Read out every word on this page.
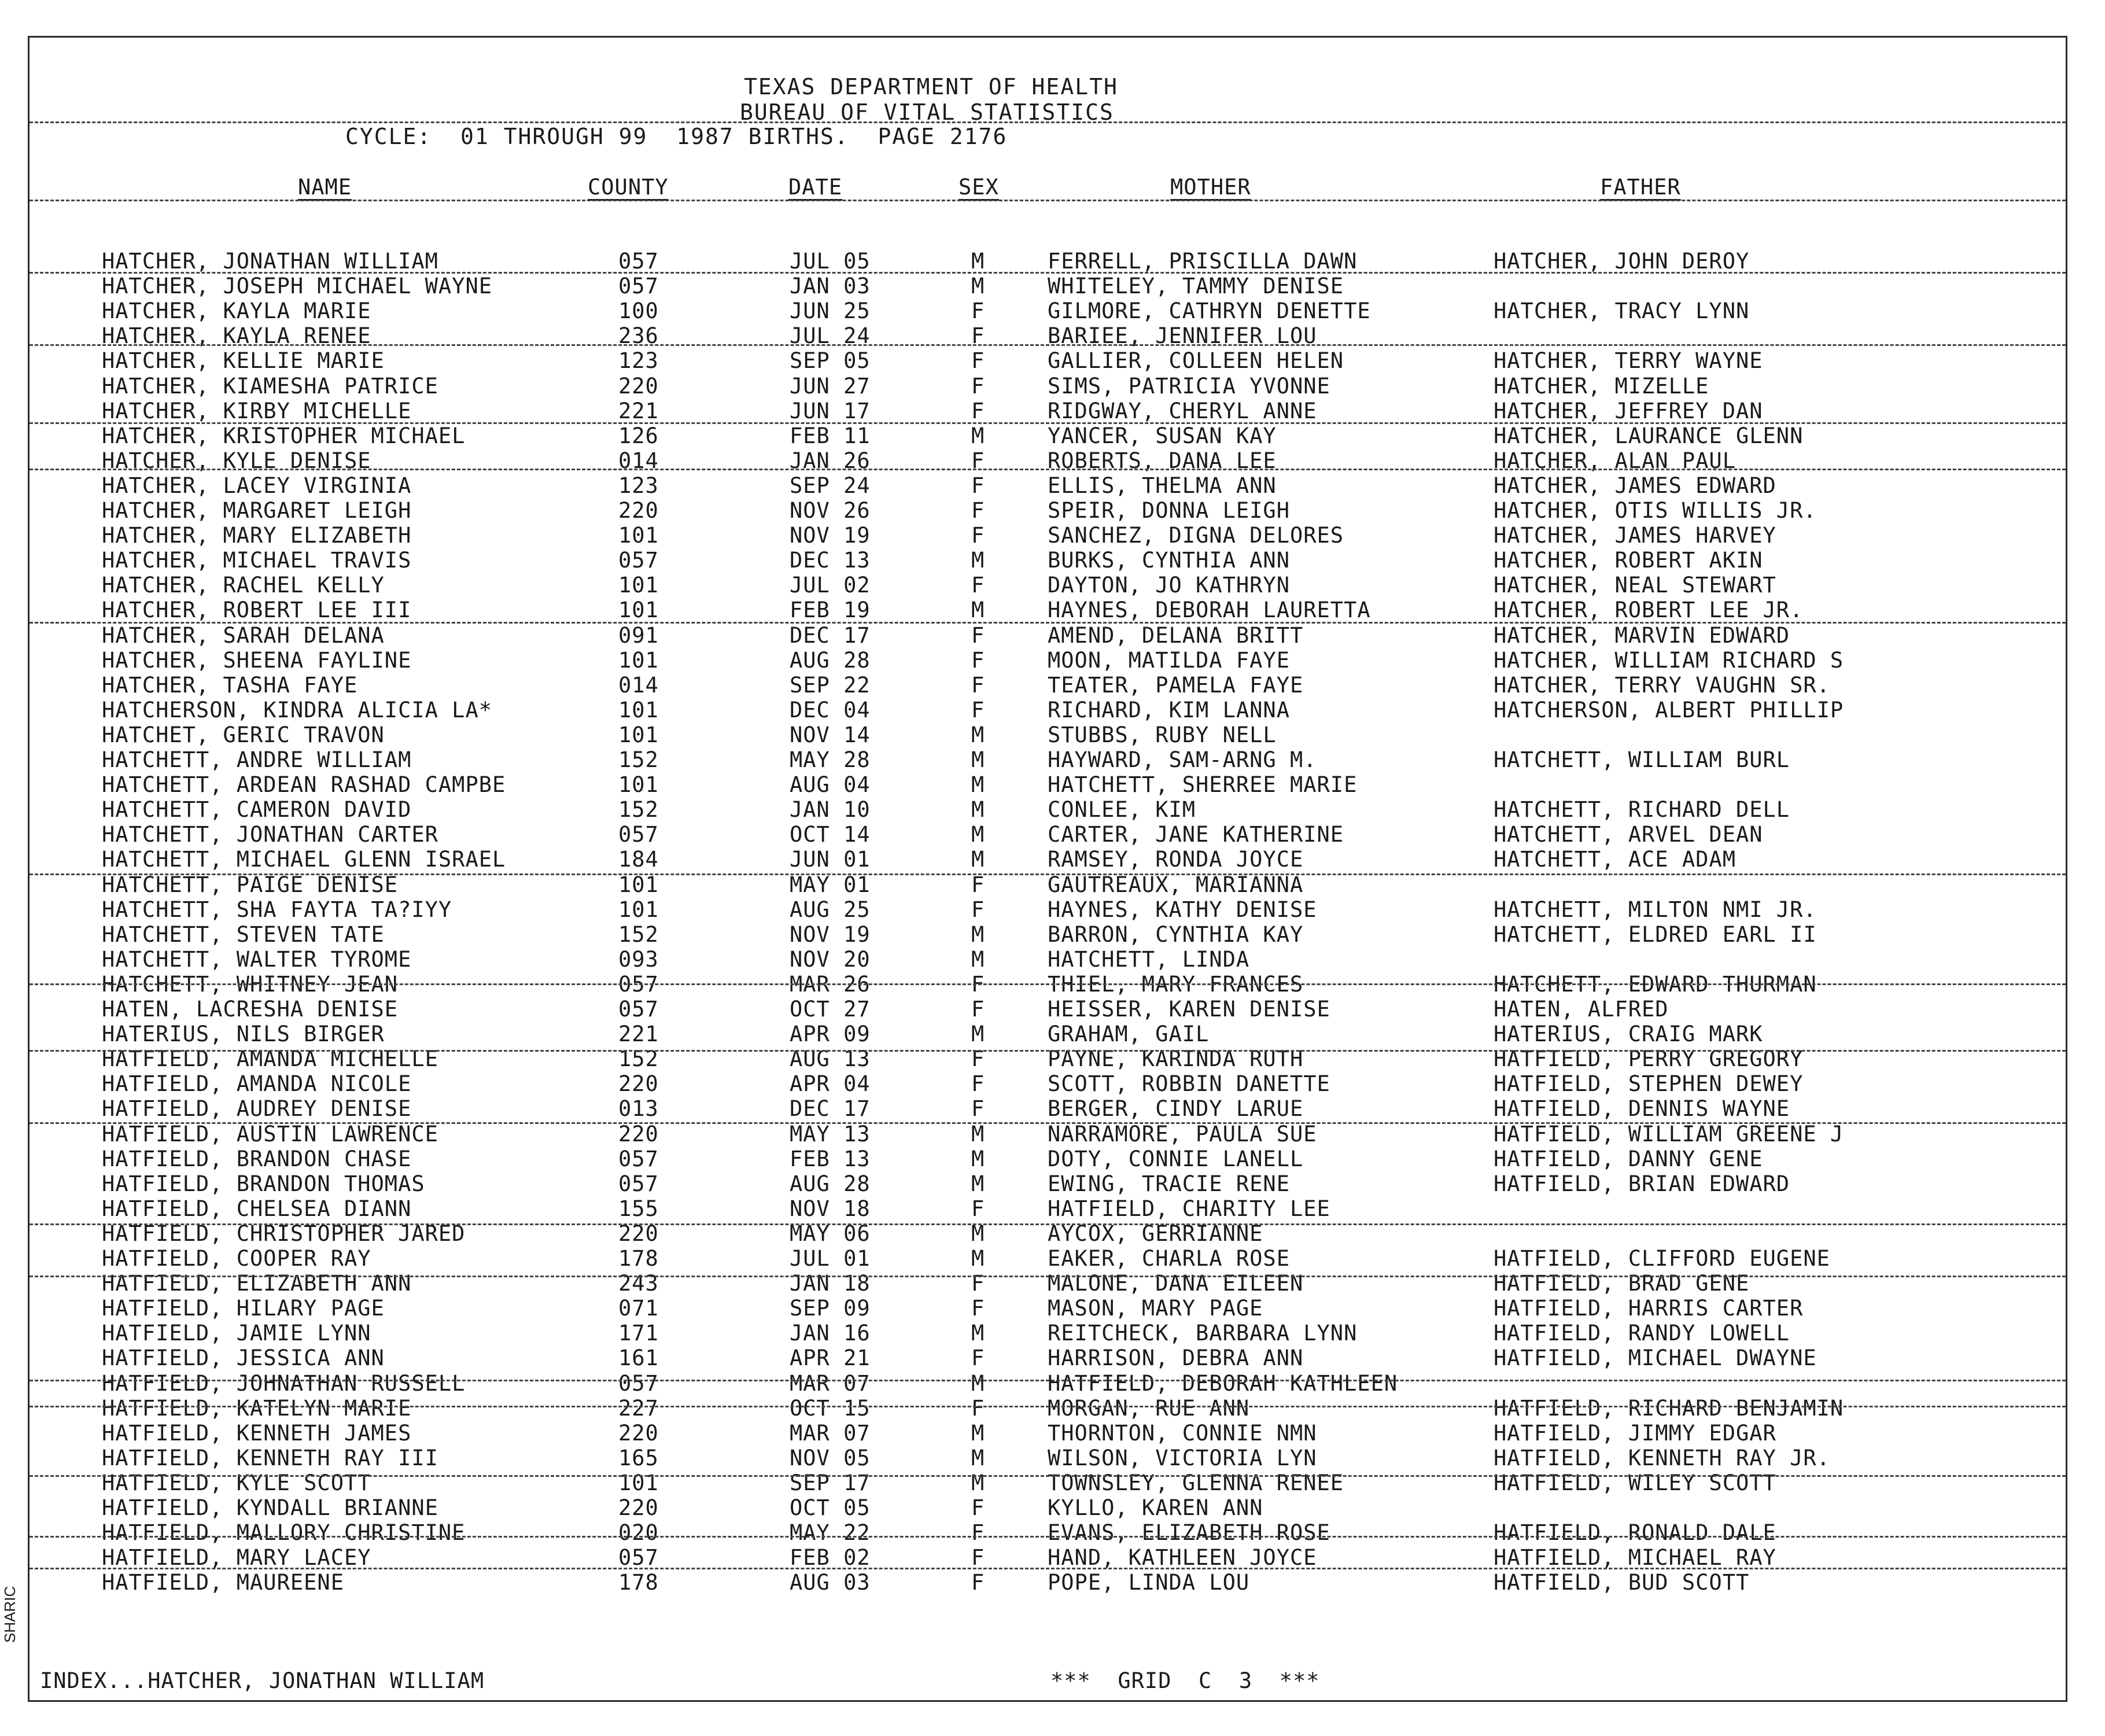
TEXAS DEPARTMENT OF HEALTH
BUREAU OF VITAL STATISTICS
CYCLE:  01 THROUGH 99  1987 BIRTHS.  PAGE 2176
NAME	COUNTY	DATE	SEX	MOTHER	FATHER
HATCHER, JONATHAN WILLIAM	057	JUL 05	M	FERRELL, PRISCILLA DAWN	HATCHER, JOHN DEROY
HATCHER, JOSEPH MICHAEL WAYNE	057	JAN 03	M	WHITELEY, TAMMY DENISE
HATCHER, KAYLA MARIE	100	JUN 25	F	GILMORE, CATHRYN DENETTE	HATCHER, TRACY LYNN
HATCHER, KAYLA RENEE	236	JUL 24	F	BARIEE, JENNIFER LOU
HATCHER, KELLIE MARIE	123	SEP 05	F	GALLIER, COLLEEN HELEN	HATCHER, TERRY WAYNE
HATCHER, KIAMESHA PATRICE	220	JUN 27	F	SIMS, PATRICIA YVONNE	HATCHER, MIZELLE
HATCHER, KIRBY MICHELLE	221	JUN 17	F	RIDGWAY, CHERYL ANNE	HATCHER, JEFFREY DAN
HATCHER, KRISTOPHER MICHAEL	126	FEB 11	M	YANCER, SUSAN KAY	HATCHER, LAURANCE GLENN
HATCHER, KYLE DENISE	014	JAN 26	F	ROBERTS, DANA LEE	HATCHER, ALAN PAUL
HATCHER, LACEY VIRGINIA	123	SEP 24	F	ELLIS, THELMA ANN	HATCHER, JAMES EDWARD
HATCHER, MARGARET LEIGH	220	NOV 26	F	SPEIR, DONNA LEIGH	HATCHER, OTIS WILLIS JR.
HATCHER, MARY ELIZABETH	101	NOV 19	F	SANCHEZ, DIGNA DELORES	HATCHER, JAMES HARVEY
HATCHER, MICHAEL TRAVIS	057	DEC 13	M	BURKS, CYNTHIA ANN	HATCHER, ROBERT AKIN
HATCHER, RACHEL KELLY	101	JUL 02	F	DAYTON, JO KATHRYN	HATCHER, NEAL STEWART
HATCHER, ROBERT LEE III	101	FEB 19	M	HAYNES, DEBORAH LAURETTA	HATCHER, ROBERT LEE JR.
HATCHER, SARAH DELANA	091	DEC 17	F	AMEND, DELANA BRITT	HATCHER, MARVIN EDWARD
HATCHER, SHEENA FAYLINE	101	AUG 28	F	MOON, MATILDA FAYE	HATCHER, WILLIAM RICHARD S
HATCHER, TASHA FAYE	014	SEP 22	F	TEATER, PAMELA FAYE	HATCHER, TERRY VAUGHN SR.
HATCHERSON, KINDRA ALICIA LA*	101	DEC 04	F	RICHARD, KIM LANNA	HATCHERSON, ALBERT PHILLIP
HATCHET, GERIC TRAVON	101	NOV 14	M	STUBBS, RUBY NELL
HATCHETT, ANDRE WILLIAM	152	MAY 28	M	HAYWARD, SAM-ARNG M.	HATCHETT, WILLIAM BURL
HATCHETT, ARDEAN RASHAD CAMPBE	101	AUG 04	M	HATCHETT, SHERREE MARIE
HATCHETT, CAMERON DAVID	152	JAN 10	M	CONLEE, KIM	HATCHETT, RICHARD DELL
HATCHETT, JONATHAN CARTER	057	OCT 14	M	CARTER, JANE KATHERINE	HATCHETT, ARVEL DEAN
HATCHETT, MICHAEL GLENN ISRAEL	184	JUN 01	M	RAMSEY, RONDA JOYCE	HATCHETT, ACE ADAM
HATCHETT, PAIGE DENISE	101	MAY 01	F	GAUTREAUX, MARIANNA
HATCHETT, SHA FAYTA TA?IYY	101	AUG 25	F	HAYNES, KATHY DENISE	HATCHETT, MILTON NMI JR.
HATCHETT, STEVEN TATE	152	NOV 19	M	BARRON, CYNTHIA KAY	HATCHETT, ELDRED EARL II
HATCHETT, WALTER TYROME	093	NOV 20	M	HATCHETT, LINDA
HATCHETT, WHITNEY JEAN	057	MAR 26	F	THIEL, MARY FRANCES	HATCHETT, EDWARD THURMAN
HATEN, LACRESHA DENISE	057	OCT 27	F	HEISSER, KAREN DENISE	HATEN, ALFRED
HATERIUS, NILS BIRGER	221	APR 09	M	GRAHAM, GAIL	HATERIUS, CRAIG MARK
HATFIELD, AMANDA MICHELLE	152	AUG 13	F	PAYNE, KARINDA RUTH	HATFIELD, PERRY GREGORY
HATFIELD, AMANDA NICOLE	220	APR 04	F	SCOTT, ROBBIN DANETTE	HATFIELD, STEPHEN DEWEY
HATFIELD, AUDREY DENISE	013	DEC 17	F	BERGER, CINDY LARUE	HATFIELD, DENNIS WAYNE
HATFIELD, AUSTIN LAWRENCE	220	MAY 13	M	NARRAMORE, PAULA SUE	HATFIELD, WILLIAM GREENE J
HATFIELD, BRANDON CHASE	057	FEB 13	M	DOTY, CONNIE LANELL	HATFIELD, DANNY GENE
HATFIELD, BRANDON THOMAS	057	AUG 28	M	EWING, TRACIE RENE	HATFIELD, BRIAN EDWARD
HATFIELD, CHELSEA DIANN	155	NOV 18	F	HATFIELD, CHARITY LEE
HATFIELD, CHRISTOPHER JARED	220	MAY 06	M	AYCOX, GERRIANNE
HATFIELD, COOPER RAY	178	JUL 01	M	EAKER, CHARLA ROSE	HATFIELD, CLIFFORD EUGENE
HATFIELD, ELIZABETH ANN	243	JAN 18	F	MALONE, DANA EILEEN	HATFIELD, BRAD GENE
HATFIELD, HILARY PAGE	071	SEP 09	F	MASON, MARY PAGE	HATFIELD, HARRIS CARTER
HATFIELD, JAMIE LYNN	171	JAN 16	M	REITCHECK, BARBARA LYNN	HATFIELD, RANDY LOWELL
HATFIELD, JESSICA ANN	161	APR 21	F	HARRISON, DEBRA ANN	HATFIELD, MICHAEL DWAYNE
HATFIELD, JOHNATHAN RUSSELL	057	MAR 07	M	HATFIELD, DEBORAH KATHLEEN
HATFIELD, KATELYN MARIE	227	OCT 15	F	MORGAN, RUE ANN	HATFIELD, RICHARD BENJAMIN
HATFIELD, KENNETH JAMES	220	MAR 07	M	THORNTON, CONNIE NMN	HATFIELD, JIMMY EDGAR
HATFIELD, KENNETH RAY III	165	NOV 05	M	WILSON, VICTORIA LYN	HATFIELD, KENNETH RAY JR.
HATFIELD, KYLE SCOTT	101	SEP 17	M	TOWNSLEY, GLENNA RENEE	HATFIELD, WILEY SCOTT
HATFIELD, KYNDALL BRIANNE	220	OCT 05	F	KYLLO, KAREN ANN
HATFIELD, MALLORY CHRISTINE	020	MAY 22	F	EVANS, ELIZABETH ROSE	HATFIELD, RONALD DALE
HATFIELD, MARY LACEY	057	FEB 02	F	HAND, KATHLEEN JOYCE	HATFIELD, MICHAEL RAY
HATFIELD, MAUREENE	178	AUG 03	F	POPE, LINDA LOU	HATFIELD, BUD SCOTT
INDEX...HATCHER, JONATHAN WILLIAM	***  GRID  C  3  ***
SHARIC
